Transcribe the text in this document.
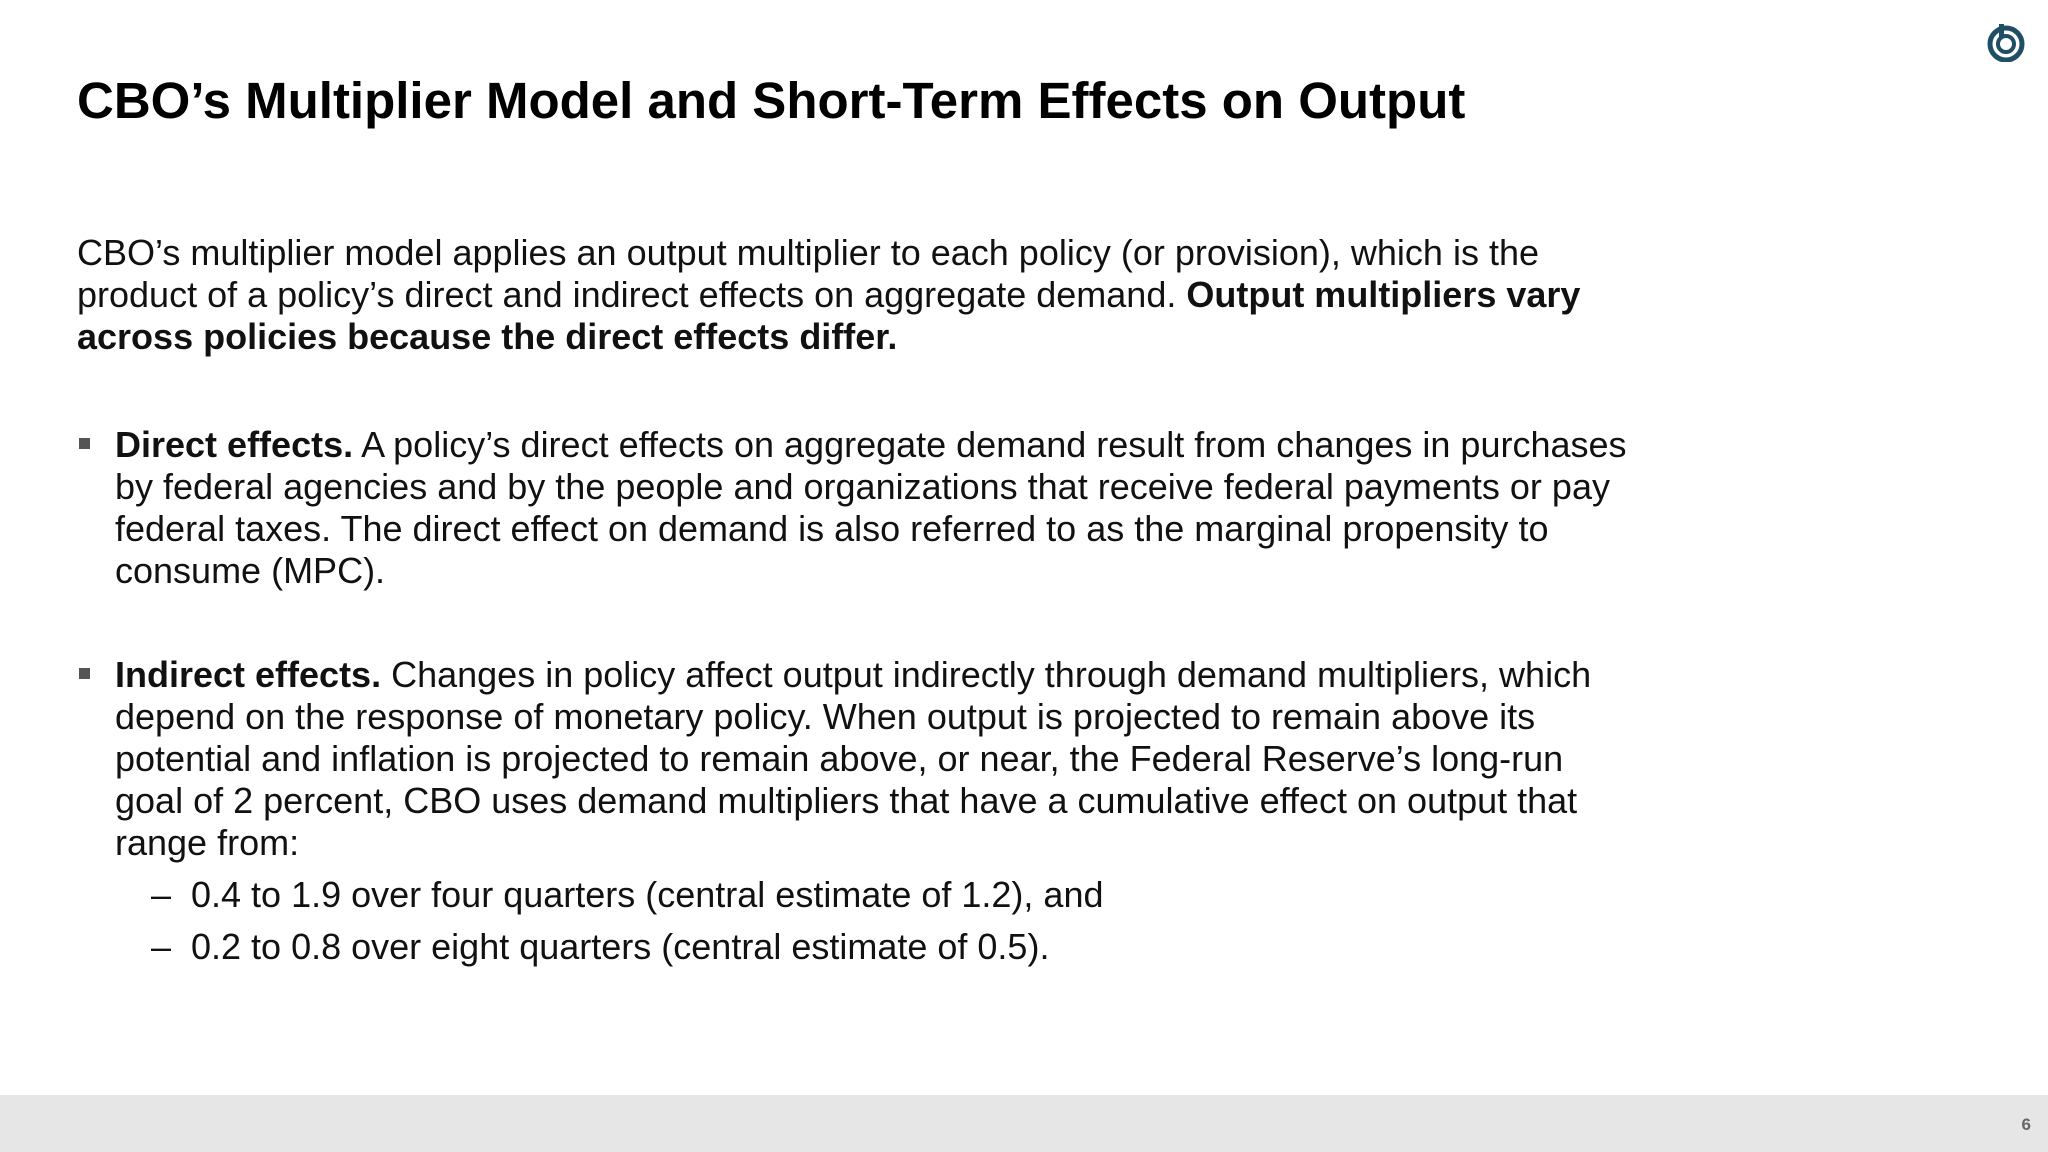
CBO’s Multiplier Model and Short-Term Effects on Output

CBO’s multiplier model applies an output multiplier to each policy (or provision), which is the product of a policy’s direct and indirect effects on aggregate demand. Output multipliers vary across policies because the direct effects differ.

Direct effects. A policy’s direct effects on aggregate demand result from changes in purchases by federal agencies and by the people and organizations that receive federal payments or pay federal taxes. The direct effect on demand is also referred to as the marginal propensity to consume (MPC).
Indirect effects. Changes in policy affect output indirectly through demand multipliers, which depend on the response of monetary policy. When output is projected to remain above its potential and inflation is projected to remain above, or near, the Federal Reserve’s long-run goal of 2 percent, CBO uses demand multipliers that have a cumulative effect on output that range from:
– 0.4 to 1.9 over four quarters (central estimate of 1.2), and
– 0.2 to 0.8 over eight quarters (central estimate of 0.5).
6
